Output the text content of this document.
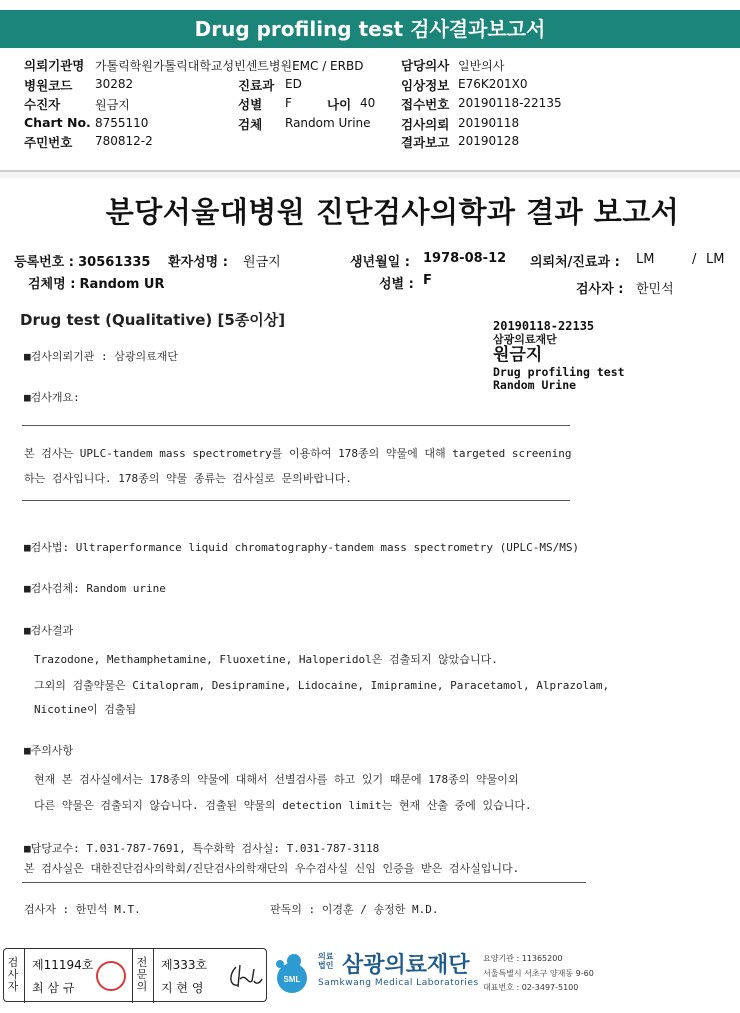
Drug profiling test 검사결과보고서
의뢰기관명 가톨릭학원가톨릭대학교성빈센트병원EMC / ERBD
병원코드 30282
수진자	원금지
Chart No. 8755110
주민번호 780812-2
진료과 ED
성별 F	나이 40
검체 Random Urine
담당의사 일반의사
임상정보 E76K201X0
접수번호 20190118-22135
검사의뢰 20190118
결과보고 20190128
분당서울대병원 진단검사의학과 결과 보고서
등록번호 : 30561335 환자성명 : 원금지	생년월일 : 1978-08-12 의뢰처/진료과 : LM	/ LM
검체명 : Random UR	성별 : F
검사자 : 한민석
Drug test (Qualitative) [5종이상]	20190118-22135
삼광의료재단
원금지
Drug profiling test
Random Urine
■검사의뢰기관 : 삼광의료재단
■검사개요:
본 검사는 UPLC-tandem mass spectrometry를 이용하여 178종의 약물에 대해 targeted screening
하는 검사입니다. 178종의 약물 종류는 검사실로 문의바랍니다.
■검사법: Ultraperformance liquid chromatography-tandem mass spectrometry (UPLC-MS/MS)
■검사검체: Random urine
■검사결과
Trazodone, Methamphetamine, Fluoxetine, Haloperidol은 검출되지 않았습니다.
그외의 검출약물은 Citalopram, Desipramine, Lidocaine, Imipramine, Paracetamol, Alprazolam,
Nicotine이 검출됨
■주의사항
현재 본 검사실에서는 178종의 약물에 대해서 선별검사를 하고 있기 때문에 178종의 약물이외
다른 약물은 검출되지 않습니다. 검출된 약물의 detection limit는 현재 산출 중에 있습니다.
■담당교수: T.031-787-7691, 특수화학 검사실: T.031-787-3118
본 검사실은 대한진단검사의학회/진단검사의학재단의 우수검사실 신임 인증을 받은 검사실입니다.
검사자 : 한민석 M.T.	판독의 : 이경훈 / 송정한 M.D.
검
사
자
제11194호
최 삼 규
전
문
의
제333호
지 현 영
SML
의료
법인 삼광의료재단
Samkwang Medical Laboratories
요양기관 : 11365200
서울특별시 서초구 양재동 9-60
대표번호 : 02-3497-5100
